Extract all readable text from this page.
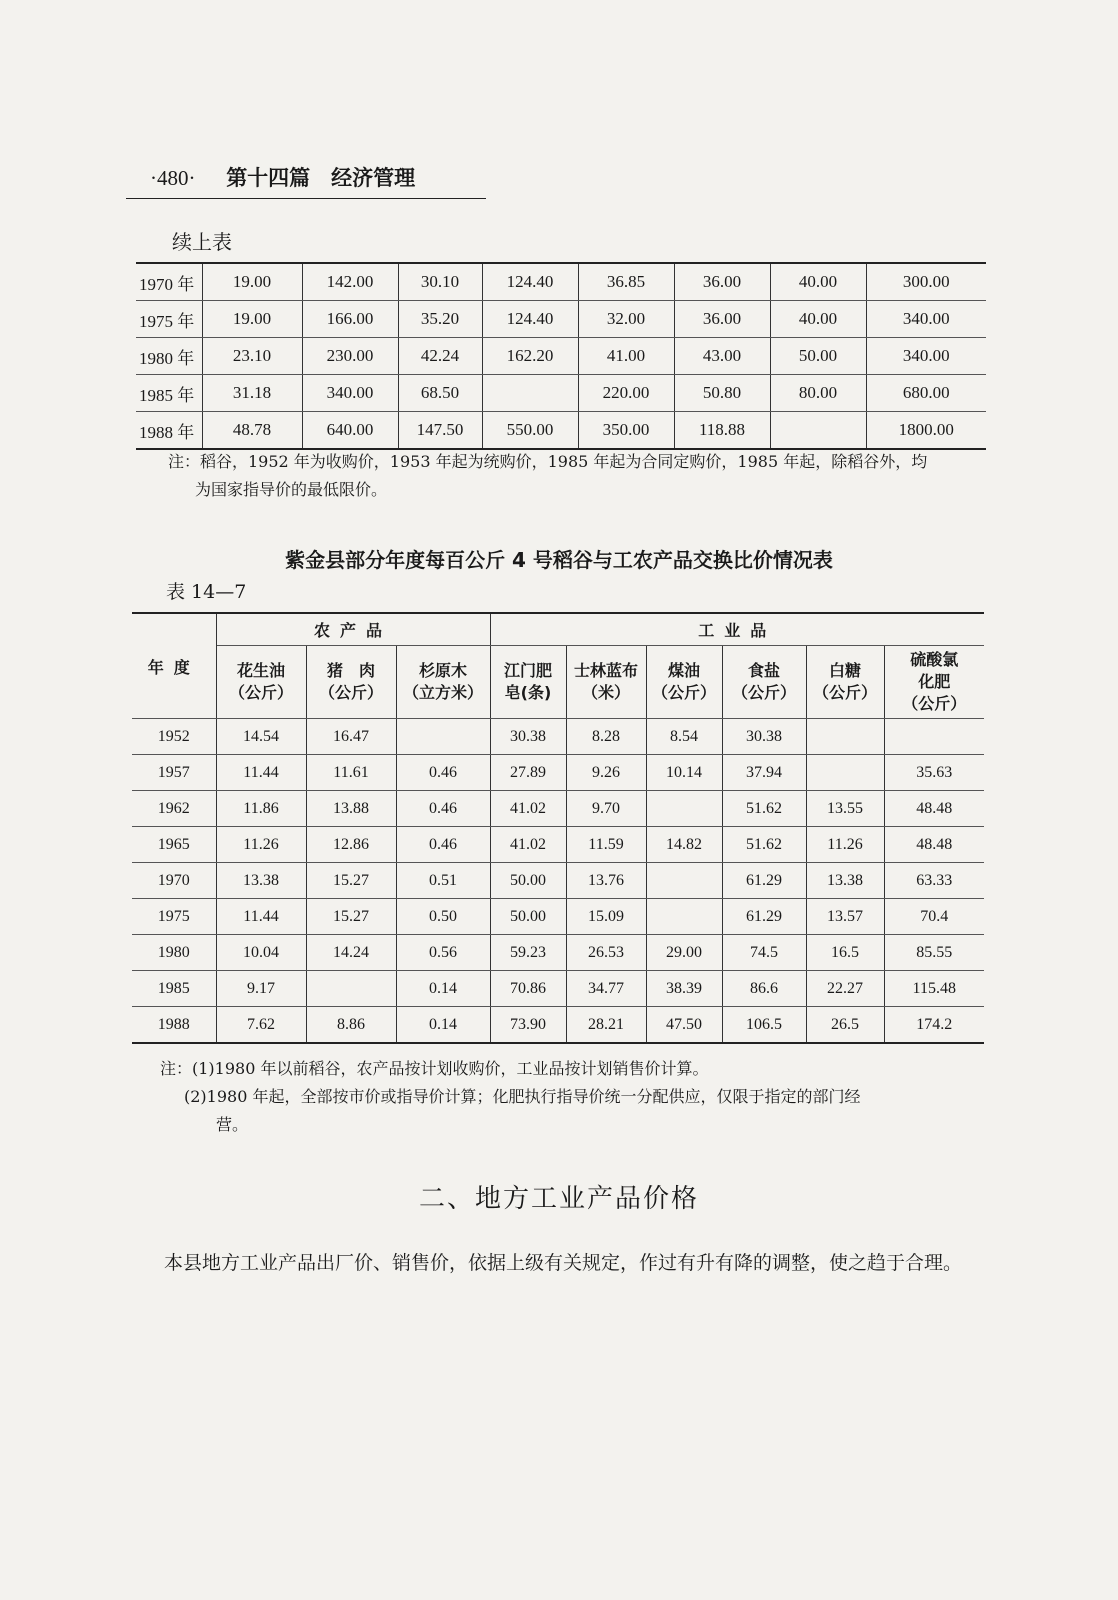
·480· 第十四篇　经济管理
续上表
1970 年	19.00	142.00	30.10	124.40	36.85	36.00	40.00	300.00
1975 年	19.00	166.00	35.20	124.40	32.00	36.00	40.00	340.00
1980 年	23.10	230.00	42.24	162.20	41.00	43.00	50.00	340.00
1985 年	31.18	340.00	68.50		220.00	50.80	80.00	680.00
1988 年	48.78	640.00	147.50	550.00	350.00	118.88		1800.00
注：稻谷，1952 年为收购价，1953 年起为统购价，1985 年起为合同定购价，1985 年起，除稻谷外，均
为国家指导价的最低限价。
紫金县部分年度每百公斤 4 号稻谷与工农产品交换比价情况表
表 14—7
年度	农产品			工业品					

	花生油
（公斤）	猪　肉
（公斤）	杉原木
（立方米）	江门肥
皂(条)	士林蓝布
（米）	煤油
（公斤）	食盐
（公斤）	白糖
（公斤）	硫酸氯
化肥
（公斤）

1952	14.54	16.47		30.38	8.28	8.54	30.38		
1957	11.44	11.61	0.46	27.89	9.26	10.14	37.94		35.63
1962	11.86	13.88	0.46	41.02	9.70		51.62	13.55	48.48
1965	11.26	12.86	0.46	41.02	11.59	14.82	51.62	11.26	48.48
1970	13.38	15.27	0.51	50.00	13.76		61.29	13.38	63.33
1975	11.44	15.27	0.50	50.00	15.09		61.29	13.57	70.4
1980	10.04	14.24	0.56	59.23	26.53	29.00	74.5	16.5	85.55
1985	9.17		0.14	70.86	34.77	38.39	86.6	22.27	115.48
1988	7.62	8.86	0.14	73.90	28.21	47.50	106.5	26.5	174.2
注：(1)1980 年以前稻谷，农产品按计划收购价，工业品按计划销售价计算。
(2)1980 年起，全部按市价或指导价计算；化肥执行指导价统一分配供应，仅限于指定的部门经
营。
二、地方工业产品价格
本县地方工业产品出厂价、销售价，依据上级有关规定，作过有升有降的调整，使之趋于合理。
